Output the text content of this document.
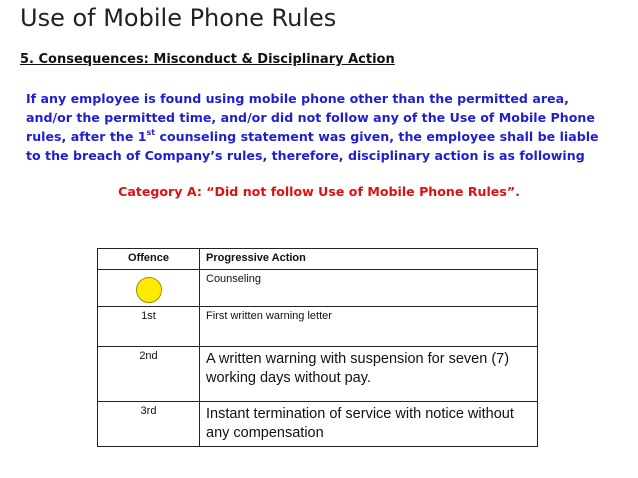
Use of Mobile Phone Rules
5. Consequences: Misconduct & Disciplinary Action
If any employee is found using mobile phone other than the permitted area, and/or the permitted time, and/or did not follow any of the Use of Mobile Phone rules, after the 1st counseling statement was given, the employee shall be liable to the breach of Company’s rules, therefore, disciplinary action is as following
Category A: “Did not follow Use of Mobile Phone Rules”.
Offence	Progressive Action

	Counseling
1st	First written warning letter
2nd	A written warning with suspension for seven (7) working days without pay.
3rd	Instant termination of service with notice without any compensation
